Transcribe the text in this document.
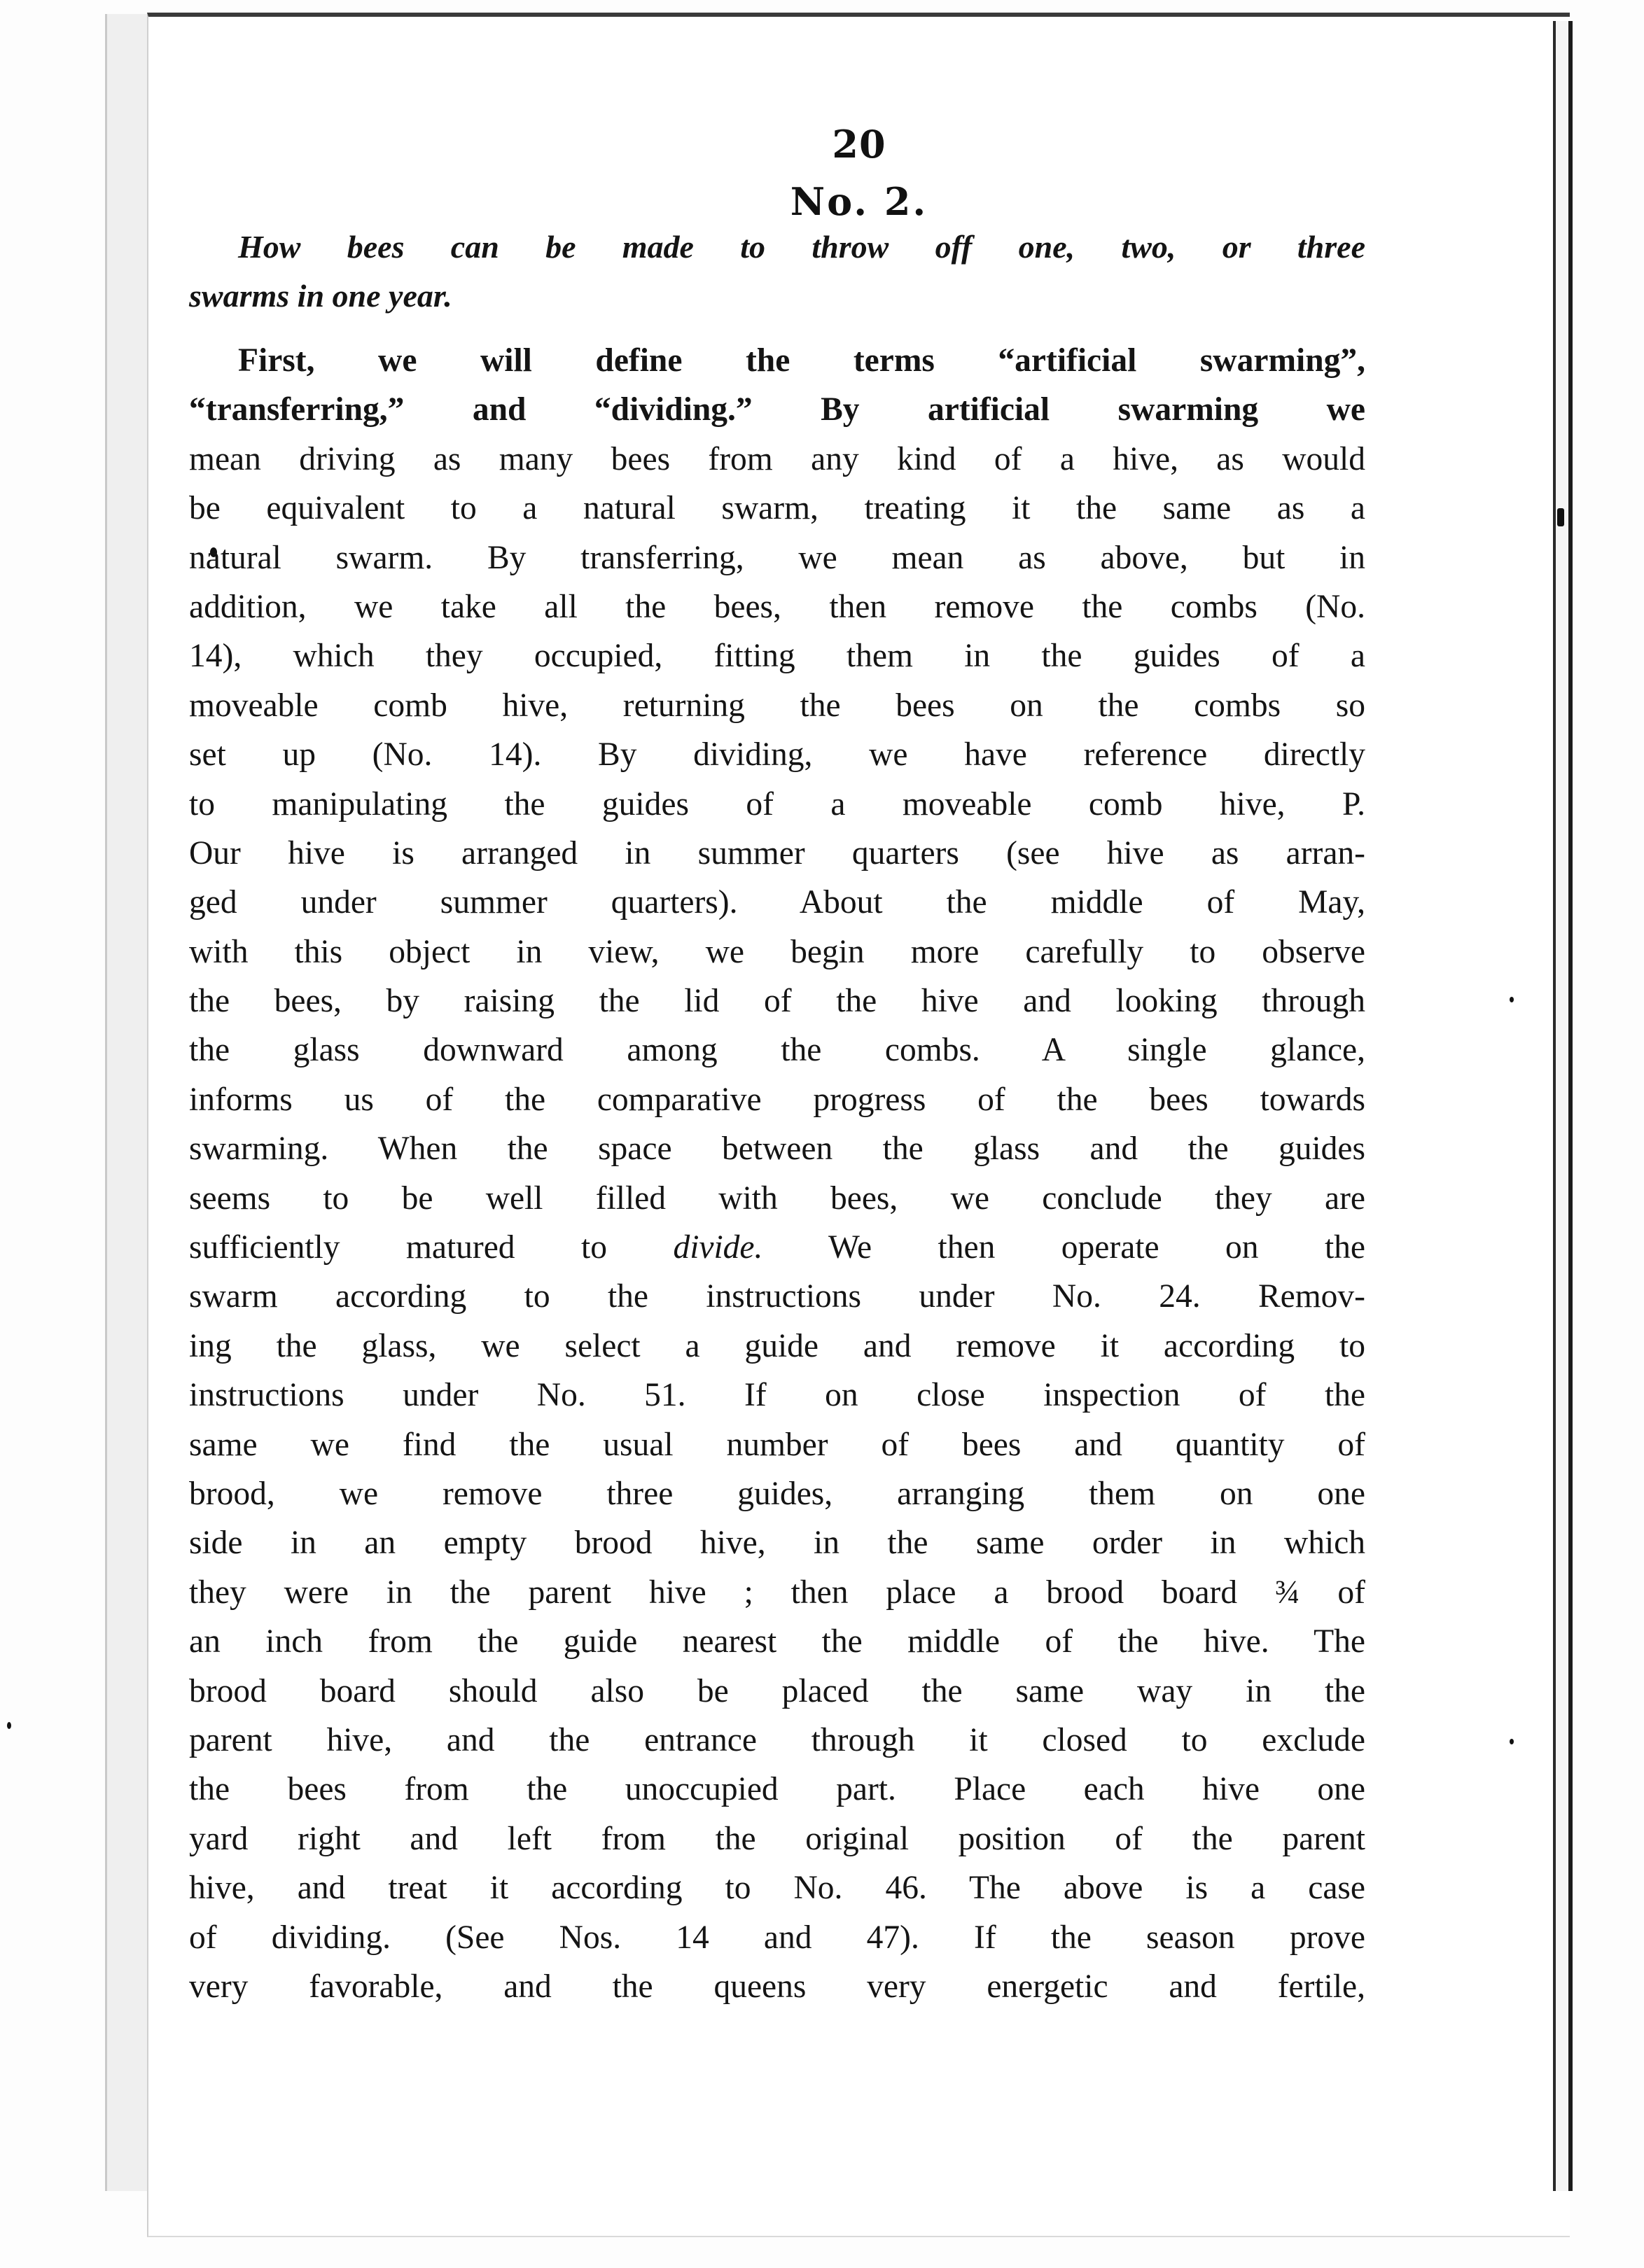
20
No. 2.
How bees can be made to throw off one, two, or three
swarms in one year.
First, we will define the terms “artificial swarming”,
“transferring,” and “dividing.” By artificial swarming we
mean driving as many bees from any kind of a hive, as would
be equivalent to a natural swarm, treating it the same as a
natural swarm. By transferring, we mean as above, but in
addition, we take all the bees, then remove the combs (No.
14), which they occupied, fitting them in the guides of a
moveable comb hive, returning the bees on the combs so
set up (No. 14). By dividing, we have reference directly
to manipulating the guides of a moveable comb hive, P.
Our hive is arranged in summer quarters (see hive as arran-
ged under summer quarters). About the middle of May,
with this object in view, we begin more carefully to observe
the bees, by raising the lid of the hive and looking through
the glass downward among the combs. A single glance,
informs us of the comparative progress of the bees towards
swarming. When the space between the glass and the guides
seems to be well filled with bees, we conclude they are
sufficiently matured to divide. We then operate on the
swarm according to the instructions under No. 24. Remov-
ing the glass, we select a guide and remove it according to
instructions under No. 51. If on close inspection of the
same we find the usual number of bees and quantity of
brood, we remove three guides, arranging them on one
side in an empty brood hive, in the same order in which
they were in the parent hive ; then place a brood board ¾ of
an inch from the guide nearest the middle of the hive. The
brood board should also be placed the same way in the
parent hive, and the entrance through it closed to exclude
the bees from the unoccupied part. Place each hive one
yard right and left from the original position of the parent
hive, and treat it according to No. 46. The above is a case
of dividing. (See Nos. 14 and 47). If the season prove
very favorable, and the queens very energetic and fertile,
